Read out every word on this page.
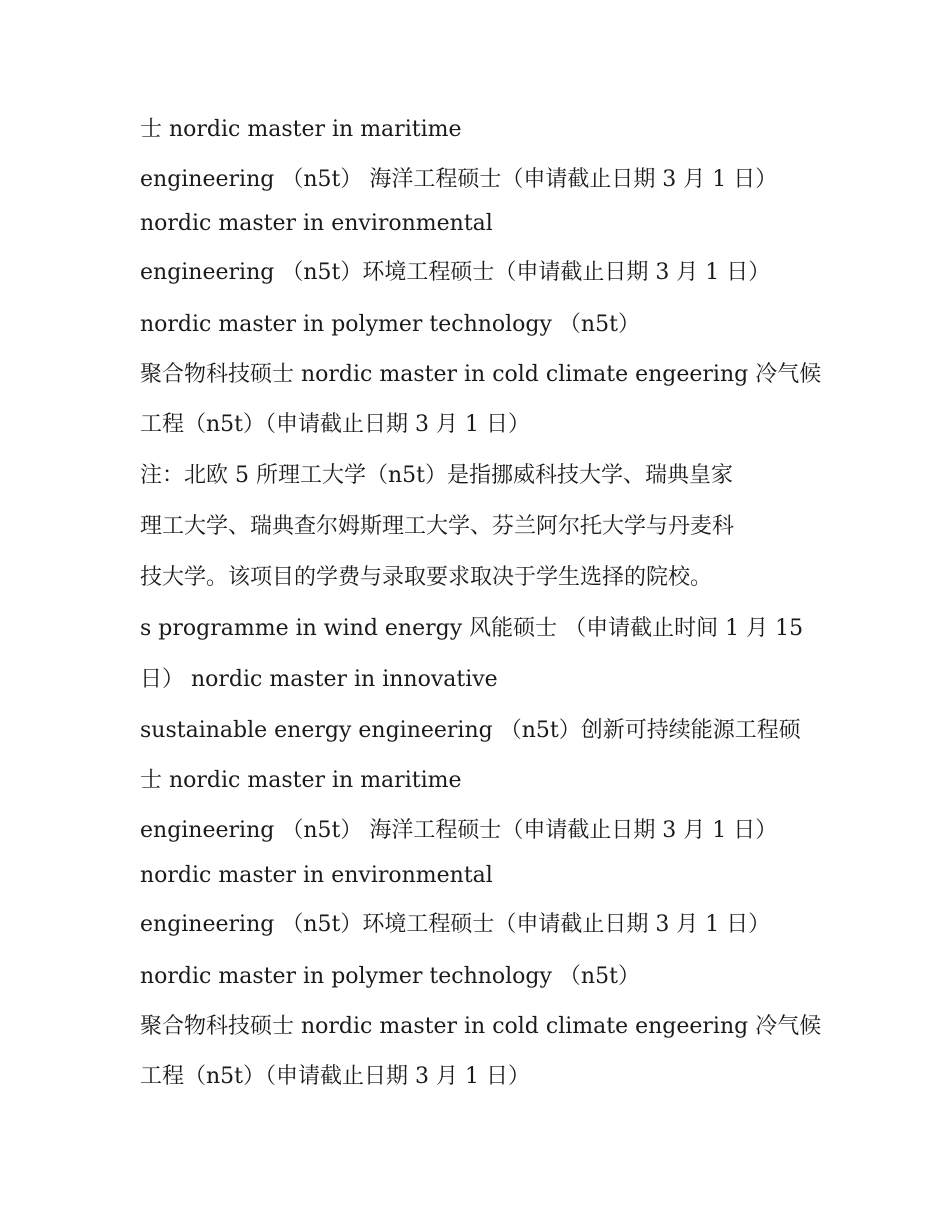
士 nordic master in maritime
engineering （n5t） 海洋工程硕士（申请截止日期 3 月 1 日）
nordic master in environmental
engineering （n5t）环境工程硕士（申请截止日期 3 月 1 日）
nordic master in polymer technology （n5t）
聚合物科技硕士 nordic master in cold climate engeering 冷气候
工程（n5t）（申请截止日期 3 月 1 日）
注：北欧 5 所理工大学（n5t）是指挪威科技大学、瑞典皇家
理工大学、瑞典查尔姆斯理工大学、芬兰阿尔托大学与丹麦科
技大学。该项目的学费与录取要求取决于学生选择的院校。
s programme in wind energy 风能硕士 （申请截止时间 1 月 15
日） nordic master in innovative
sustainable energy engineering （n5t）创新可持续能源工程硕
士 nordic master in maritime
engineering （n5t） 海洋工程硕士（申请截止日期 3 月 1 日）
nordic master in environmental
engineering （n5t）环境工程硕士（申请截止日期 3 月 1 日）
nordic master in polymer technology （n5t）
聚合物科技硕士 nordic master in cold climate engeering 冷气候
工程（n5t）（申请截止日期 3 月 1 日）
